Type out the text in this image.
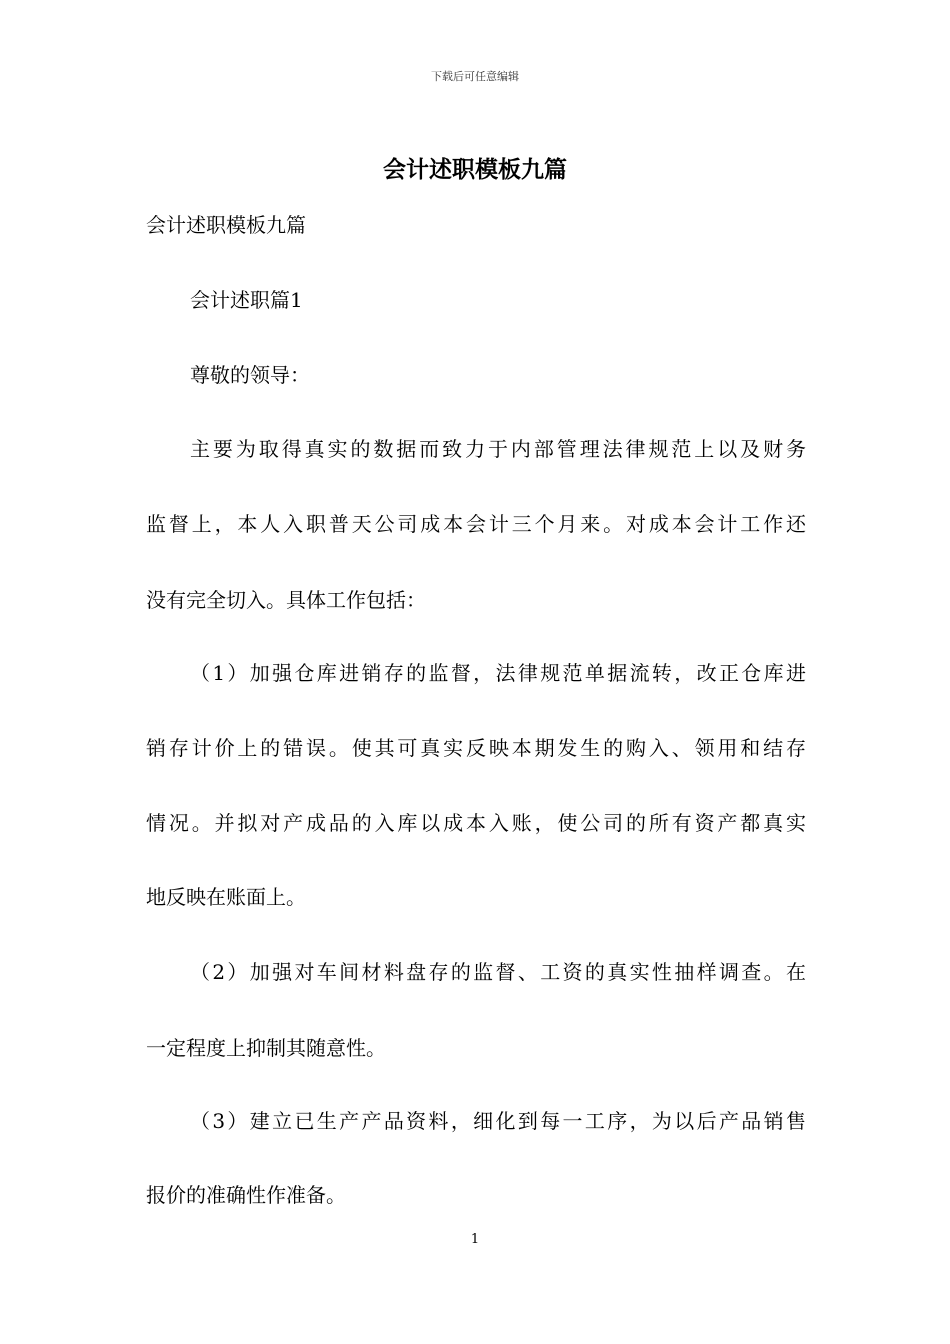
下载后可任意编辑
会计述职模板九篇
会计述职模板九篇
会计述职篇1
尊敬的领导：
主要为取得真实的数据而致力于内部管理法律规范上以及财务
监督上，本人入职普天公司成本会计三个月来。对成本会计工作还
没有完全切入。具体工作包括：
（1）加强仓库进销存的监督，法律规范单据流转，改正仓库进
销存计价上的错误。使其可真实反映本期发生的购入、领用和结存
情况。并拟对产成品的入库以成本入账，使公司的所有资产都真实
地反映在账面上。
（2）加强对车间材料盘存的监督、工资的真实性抽样调查。在
一定程度上抑制其随意性。
（3）建立已生产产品资料，细化到每一工序，为以后产品销售
报价的准确性作准备。
1
